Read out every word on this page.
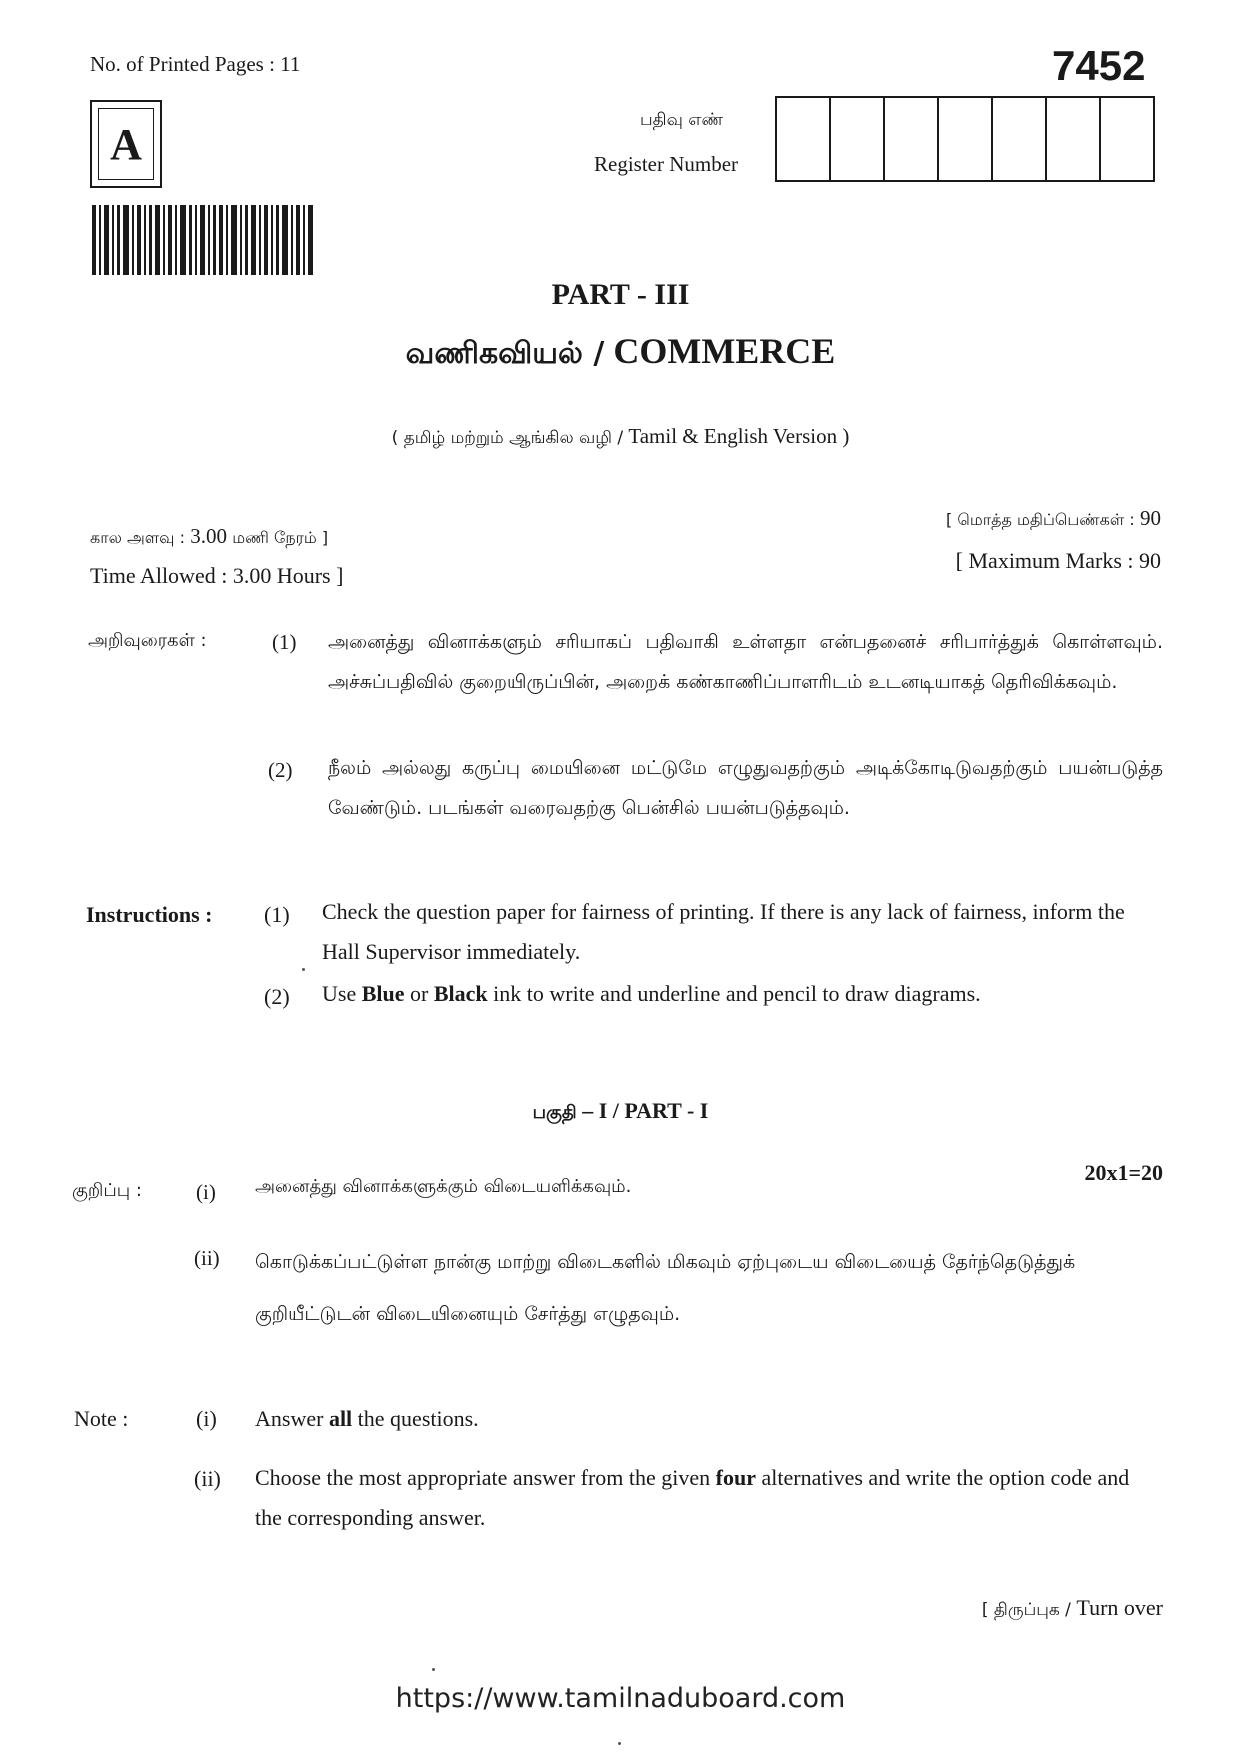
No. of Printed Pages : 11	7452
A	பதிவு எண்
Register Number
PART - III
வணிகவியல் / COMMERCE
( தமிழ் மற்றும் ஆங்கில வழி / Tamil & English Version )
கால அளவு : 3.00 மணி நேரம் ]
Time Allowed : 3.00 Hours ]
[ மொத்த மதிப்பெண்கள் : 90
[ Maximum Marks : 90
அறிவுரைகள் :	(1) அனைத்து வினாக்களும் சரியாகப் பதிவாகி உள்ளதா என்பதனைச் சரிபார்த்துக் கொள்ளவும். அச்சுப்பதிவில் குறையிருப்பின், அறைக் கண்காணிப்பாளரிடம் உடனடியாகத் தெரிவிக்கவும்.
(2) நீலம் அல்லது கருப்பு மையினை மட்டுமே எழுதுவதற்கும் அடிக்கோடிடுவதற்கும் பயன்படுத்த வேண்டும். படங்கள் வரைவதற்கு பென்சில் பயன்படுத்தவும்.
Instructions : (1) Check the question paper for fairness of printing. If there is any lack of fairness, inform the Hall Supervisor immediately.
(2) Use Blue or Black ink to write and underline and pencil to draw diagrams.
பகுதி – I / PART - I
குறிப்பு :	(i) அனைத்து வினாக்களுக்கும் விடையளிக்கவும்.
20x1=20
(ii) கொடுக்கப்பட்டுள்ள நான்கு மாற்று விடைகளில் மிகவும் ஏற்புடைய விடையைத் தேர்ந்தெடுத்துக் குறியீட்டுடன் விடையினையும் சேர்த்து எழுதவும்.
Note :	(i) Answer all the questions.
(ii) Choose the most appropriate answer from the given four alternatives and write the option code and the corresponding answer.
[ திருப்புக / Turn over
https://www.tamilnaduboard.com
